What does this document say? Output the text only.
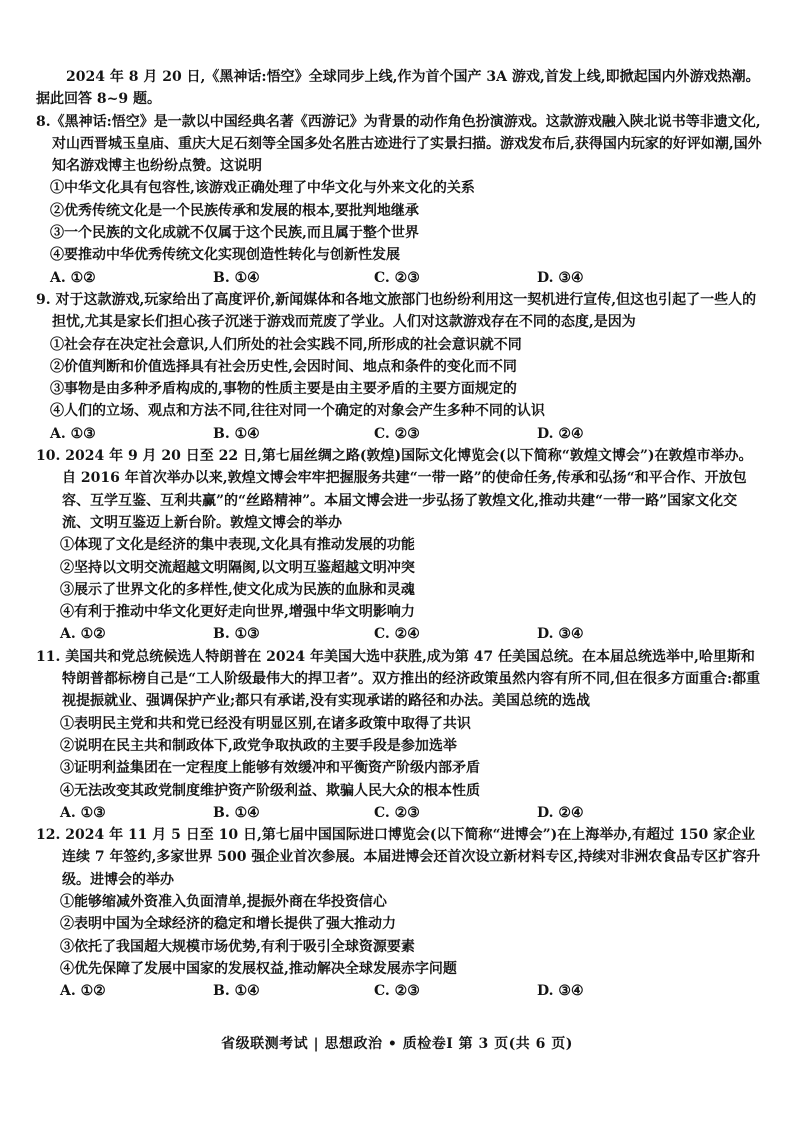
2024 年 8 月 20 日,《黑神话:悟空》全球同步上线,作为首个国产 3A 游戏,首发上线,即掀起国内外游戏热潮。据此回答 8~9 题。
8.《黑神话:悟空》是一款以中国经典名著《西游记》为背景的动作角色扮演游戏。这款游戏融入陕北说书等非遗文化,对山西晋城玉皇庙、重庆大足石刻等全国多处名胜古迹进行了实景扫描。游戏发布后,获得国内玩家的好评如潮,国外知名游戏博主也纷纷点赞。这说明
①中华文化具有包容性,该游戏正确处理了中华文化与外来文化的关系
②优秀传统文化是一个民族传承和发展的根本,要批判地继承
③一个民族的文化成就不仅属于这个民族,而且属于整个世界
④要推动中华优秀传统文化实现创造性转化与创新性发展
A. ①②	B. ①④	C. ②③	D. ③④
9. 对于这款游戏,玩家给出了高度评价,新闻媒体和各地文旅部门也纷纷利用这一契机进行宣传,但这也引起了一些人的担忧,尤其是家长们担心孩子沉迷于游戏而荒废了学业。人们对这款游戏存在不同的态度,是因为
①社会存在决定社会意识,人们所处的社会实践不同,所形成的社会意识就不同
②价值判断和价值选择具有社会历史性,会因时间、地点和条件的变化而不同
③事物是由多种矛盾构成的,事物的性质主要是由主要矛盾的主要方面规定的
④人们的立场、观点和方法不同,往往对同一个确定的对象会产生多种不同的认识
A. ①③	B. ①④	C. ②③	D. ②④
10. 2024 年 9 月 20 日至 22 日,第七届丝绸之路(敦煌)国际文化博览会(以下简称“敦煌文博会”)在敦煌市举办。自 2016 年首次举办以来,敦煌文博会牢牢把握服务共建“一带一路”的使命任务,传承和弘扬“和平合作、开放包容、互学互鉴、互利共赢”的“丝路精神”。本届文博会进一步弘扬了敦煌文化,推动共建“一带一路”国家文化交流、文明互鉴迈上新台阶。敦煌文博会的举办
①体现了文化是经济的集中表现,文化具有推动发展的功能
②坚持以文明交流超越文明隔阂,以文明互鉴超越文明冲突
③展示了世界文化的多样性,使文化成为民族的血脉和灵魂
④有利于推动中华文化更好走向世界,增强中华文明影响力
A. ①②	B. ①③	C. ②④	D. ③④
11. 美国共和党总统候选人特朗普在 2024 年美国大选中获胜,成为第 47 任美国总统。在本届总统选举中,哈里斯和特朗普都标榜自己是“工人阶级最伟大的捍卫者”。双方推出的经济政策虽然内容有所不同,但在很多方面重合:都重视提振就业、强调保护产业;都只有承诺,没有实现承诺的路径和办法。美国总统的选战
①表明民主党和共和党已经没有明显区别,在诸多政策中取得了共识
②说明在民主共和制政体下,政党争取执政的主要手段是参加选举
③证明利益集团在一定程度上能够有效缓冲和平衡资产阶级内部矛盾
④无法改变其政党制度维护资产阶级利益、欺骗人民大众的根本性质
A. ①③	B. ①④	C. ②③	D. ②④
12. 2024 年 11 月 5 日至 10 日,第七届中国国际进口博览会(以下简称“进博会”)在上海举办,有超过 150 家企业连续 7 年签约,多家世界 500 强企业首次参展。本届进博会还首次设立新材料专区,持续对非洲农食品专区扩容升级。进博会的举办
①能够缩减外资准入负面清单,提振外商在华投资信心
②表明中国为全球经济的稳定和增长提供了强大推动力
③依托了我国超大规模市场优势,有利于吸引全球资源要素
④优先保障了发展中国家的发展权益,推动解决全球发展赤字问题
A. ①②	B. ①④	C. ②③	D. ③④
省级联测考试 | 思想政治 • 质检卷Ⅰ 第 3 页(共 6 页)
